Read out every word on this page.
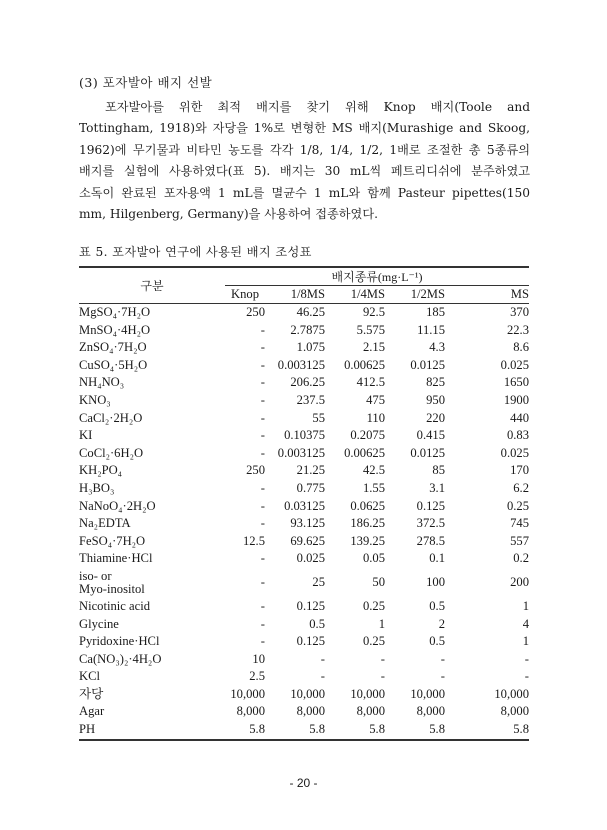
(3) 포자발아 배지 선발

포자발아를 위한 최적 배지를 찾기 위해 Knop 배지(Toole and
Tottingham, 1918)와 자당을 1%로 변형한 MS 배지(Murashige and Skoog,
1962)에 무기물과 비타민 농도를 각각 1/8, 1/4, 1/2, 1배로 조절한 총 5종류의
배지를 실험에 사용하였다(표 5). 배지는 30 mL씩 페트리디쉬에 분주하였고
소독이 완료된 포자용액 1 mL를 멸균수 1 mL와 함께 Pasteur pipettes(150
mm, Hilgenberg, Germany)을 사용하여 접종하였다.

표 5. 포자발아 연구에 사용된 배지 조성표
구분	배지종류(mg·L⁻¹)				
	Knop	1/8MS	1/4MS	1/2MS	MS
MgSO₄·7H₂O	250	46.25	92.5	185	370
MnSO₄·4H₂O	-	2.7875	5.575	11.15	22.3
ZnSO₄·7H₂O	-	1.075	2.15	4.3	8.6
CuSO₄·5H₂O	-	0.003125	0.00625	0.0125	0.025
NH₄NO₃	-	206.25	412.5	825	1650
KNO₃	-	237.5	475	950	1900
CaCl₂·2H₂O	-	55	110	220	440
KI	-	0.10375	0.2075	0.415	0.83
CoCl₂·6H₂O	-	0.003125	0.00625	0.0125	0.025
KH₂PO₄	250	21.25	42.5	85	170
H₃BO₃	-	0.775	1.55	3.1	6.2
NaNoO₄·2H₂O	-	0.03125	0.0625	0.125	0.25
Na₂EDTA	-	93.125	186.25	372.5	745
FeSO₄·7H₂O	12.5	69.625	139.25	278.5	557
Thiamine·HCl	-	0.025	0.05	0.1	0.2
iso- or
Myo-inositol	-	25	50	100	200
Nicotinic acid	-	0.125	0.25	0.5	1
Glycine	-	0.5	1	2	4
Pyridoxine·HCl	-	0.125	0.25	0.5	1
Ca(NO₃)₂·4H₂O	10	-	-	-	-
KCl	2.5	-	-	-	-
자당	10,000	10,000	10,000	10,000	10,000
Agar	8,000	8,000	8,000	8,000	8,000
PH	5.8	5.8	5.8	5.8	5.8
- 20 -
